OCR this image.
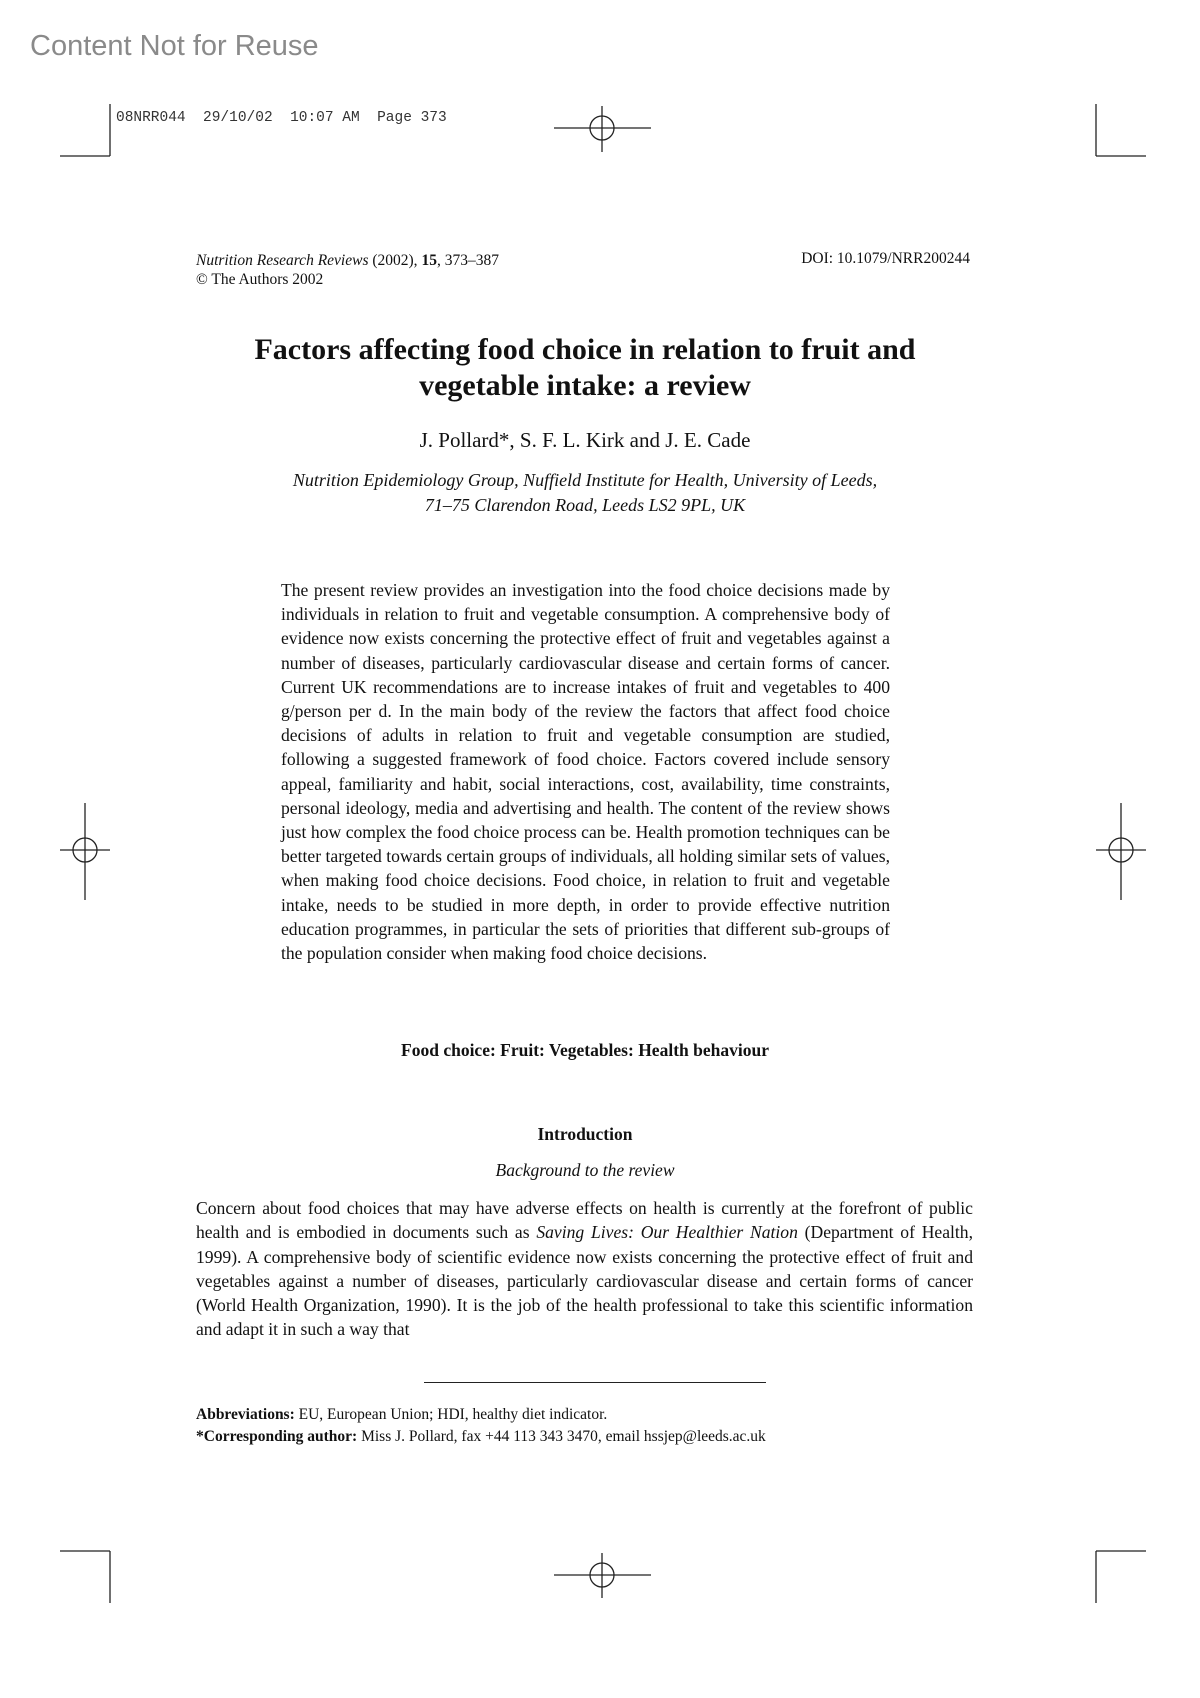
Content Not for Reuse
08NRR044 29/10/02 10:07 AM Page 373
Nutrition Research Reviews (2002), 15, 373–387
© The Authors 2002
DOI: 10.1079/NRR200244
Factors affecting food choice in relation to fruit and
vegetable intake: a review
J. Pollard*, S. F. L. Kirk and J. E. Cade
Nutrition Epidemiology Group, Nuffield Institute for Health, University of Leeds,
71–75 Clarendon Road, Leeds LS2 9PL, UK
The present review provides an investigation into the food choice decisions made by individuals in relation to fruit and vegetable consumption. A comprehensive body of evidence now exists concerning the protective effect of fruit and vegetables against a number of diseases, particularly cardiovascular disease and certain forms of cancer. Current UK recommendations are to increase intakes of fruit and vegetables to 400 g/person per d. In the main body of the review the factors that affect food choice decisions of adults in relation to fruit and vegetable consumption are studied, following a suggested framework of food choice. Factors covered include sensory appeal, familiarity and habit, social interactions, cost, availability, time constraints, personal ideology, media and advertising and health. The content of the review shows just how complex the food choice process can be. Health promotion techniques can be better targeted towards certain groups of individuals, all holding similar sets of values, when making food choice decisions. Food choice, in relation to fruit and vegetable intake, needs to be studied in more depth, in order to provide effective nutrition education programmes, in particular the sets of priorities that different sub-groups of the population consider when making food choice decisions.
Food choice: Fruit: Vegetables: Health behaviour
Introduction
Background to the review
Concern about food choices that may have adverse effects on health is currently at the forefront of public health and is embodied in documents such as Saving Lives: Our Healthier Nation (Department of Health, 1999). A comprehensive body of scientific evidence now exists concerning the protective effect of fruit and vegetables against a number of diseases, particularly cardiovascular disease and certain forms of cancer (World Health Organization, 1990). It is the job of the health professional to take this scientific information and adapt it in such a way that
Abbreviations: EU, European Union; HDI, healthy diet indicator.
*Corresponding author: Miss J. Pollard, fax +44 113 343 3470, email hssjep@leeds.ac.uk
